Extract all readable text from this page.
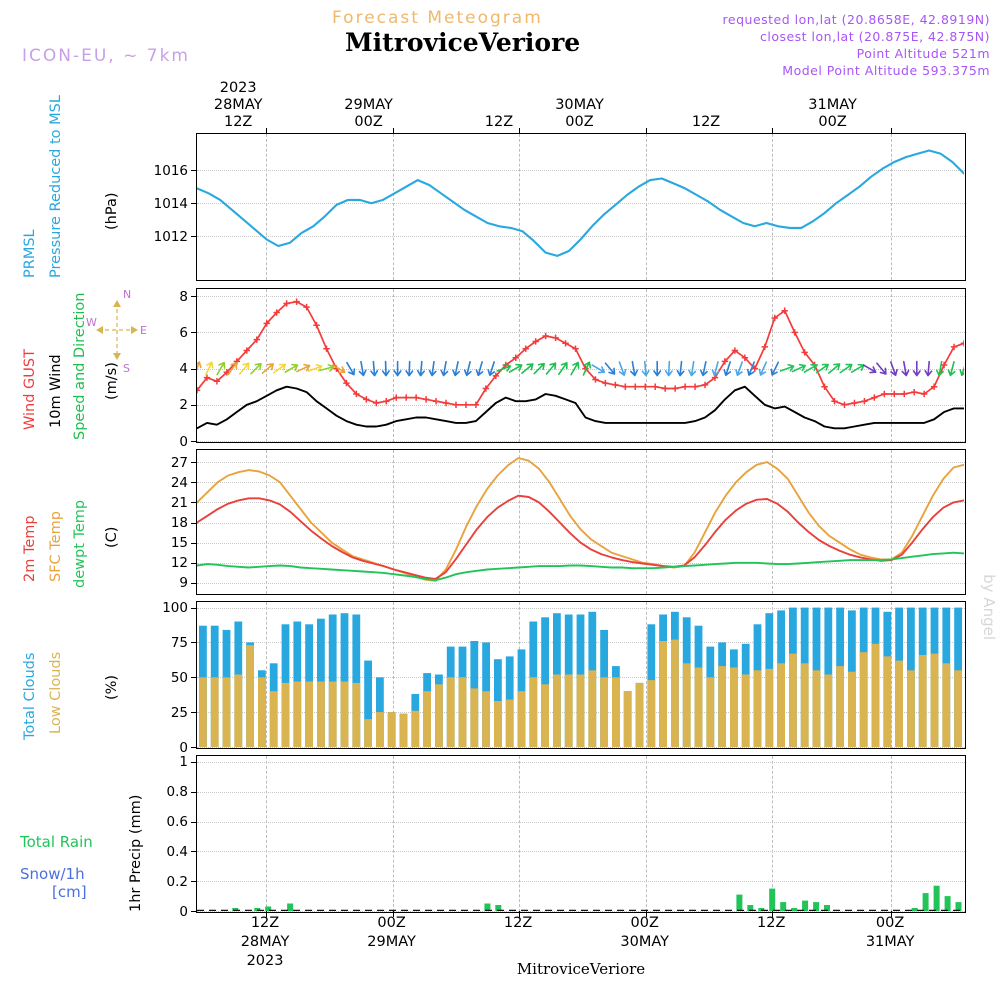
Forecast Meteogram
MitroviceVeriore
ICON-EU, ~ 7km
requested lon,lat (20.8658E, 42.8919N)
closest lon,lat (20.875E, 42.875N)
Point Altitude 521m
Model Point Altitude 593.375m
by Angel
2023
28MAY
12Z
29MAY
00Z	12Z
30MAY
00Z	12Z
31MAY
00Z
1012
1014
1016
0
2
4
6
8
9
12
15
18
21
24
27
0
25
50
75
100
0
0.2
0.4
0.6
0.8
1
PRMSL Pressure Reduced to MSL	(hPa)
Wind GUST 10m Wind Speed and Direction (m/s)
2m Temp SFC Temp dewpt Temp (C)
Total Clouds Low Clouds	(%)
1hr Precip (mm)
N
S
E
W
12Z
28MAY
2023
00Z
29MAY
12Z	00Z
30MAY
12Z	00Z
31MAY
MitroviceVeriore
Total Rain
Snow/1h
[cm]
